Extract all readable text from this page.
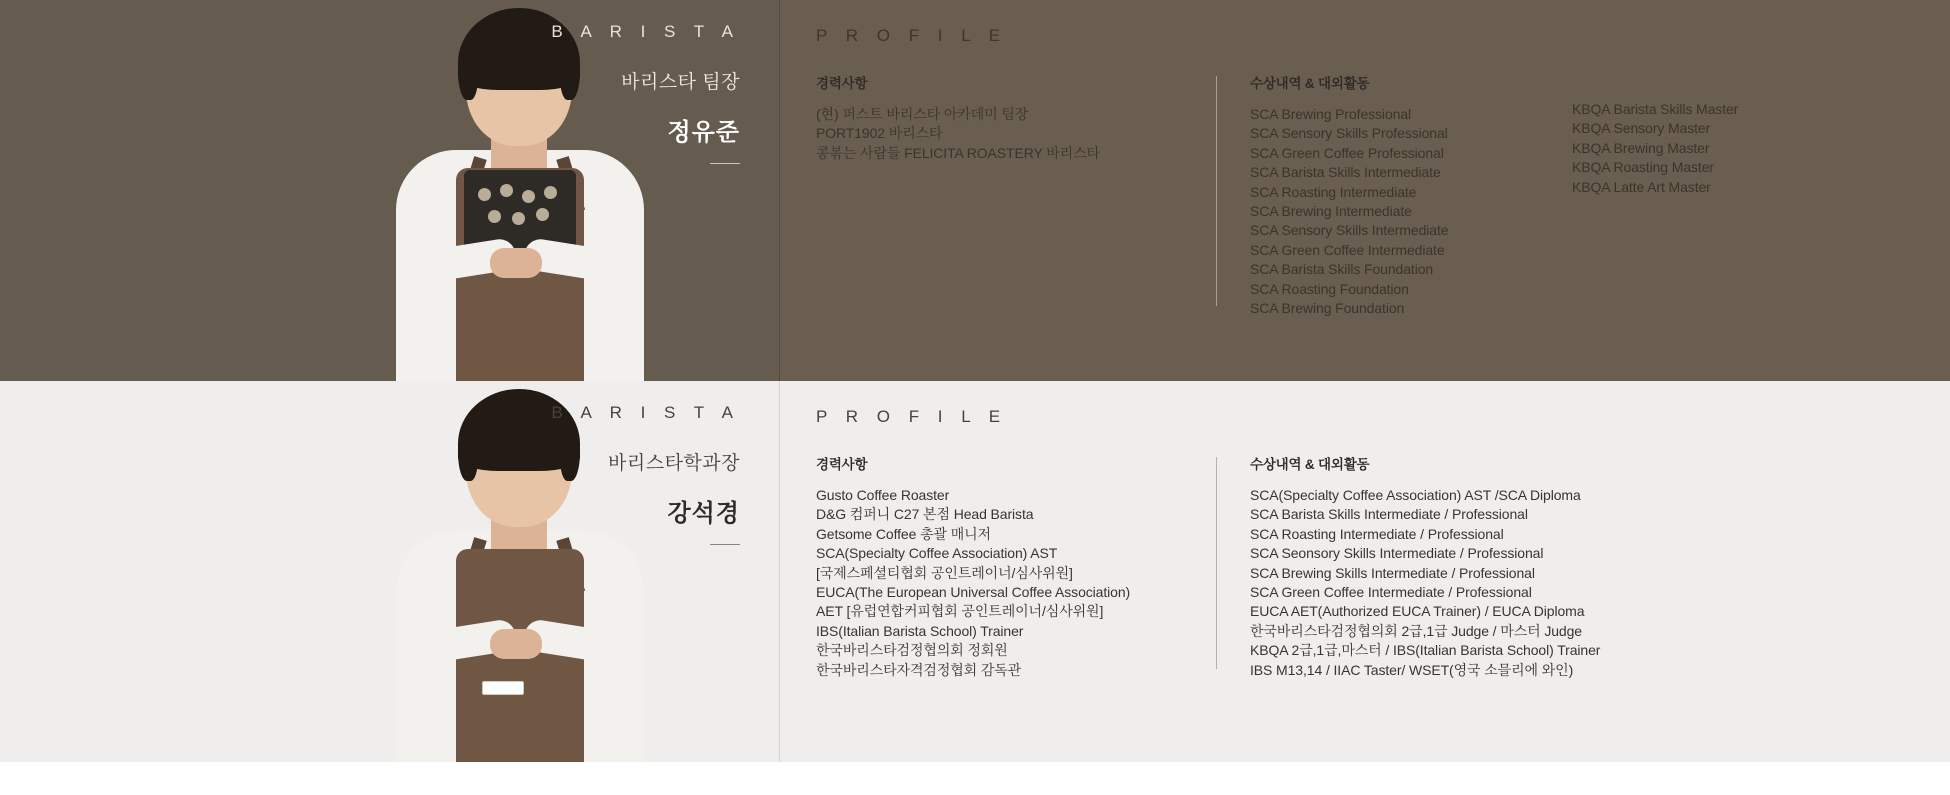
B A R I S T A
바리스타 팀장
정유준
P R O F I L E
경력사항
(현) 퍼스트 바리스타 아카데미 팀장
PORT1902 바리스타
콩볶는 사람들 FELICITA ROASTERY 바리스타
수상내역 & 대외활동
SCA Brewing Professional
SCA Sensory Skills Professional
SCA Green Coffee Professional
SCA Barista Skills Intermediate
SCA Roasting Intermediate
SCA Brewing Intermediate
SCA Sensory Skills Intermediate
SCA Green Coffee Intermediate
SCA Barista Skills Foundation
SCA Roasting Foundation
SCA Brewing Foundation
KBQA Barista Skills Master
KBQA Sensory Master
KBQA Brewing Master
KBQA Roasting Master
KBQA Latte Art Master
B A R I S T A
바리스타학과장
강석경
P R O F I L E
경력사항
Gusto Coffee Roaster
D&G 컴퍼니 C27 본점 Head Barista
Getsome Coffee 총괄 매니저
SCA(Specialty Coffee Association) AST
[국제스페셜티협회 공인트레이너/심사위원]
EUCA(The European Universal Coffee Association)
AET [유럽연합커피협회 공인트레이너/심사위원]
IBS(Italian Barista School) Trainer
한국바리스타검정협의회 정회원
한국바리스타자격검정협회 감독관
수상내역 & 대외활동
SCA(Specialty Coffee Association) AST /SCA Diploma
SCA Barista Skills Intermediate / Professional
SCA Roasting Intermediate / Professional
SCA Seonsory Skills Intermediate / Professional
SCA Brewing Skills Intermediate / Professional
SCA Green Coffee Intermediate / Professional
EUCA AET(Authorized EUCA Trainer) / EUCA Diploma
한국바리스타검정협의회 2급,1급 Judge / 마스터 Judge
KBQA 2급,1급,마스터 / IBS(Italian Barista School) Trainer
IBS M13,14 / IIAC Taster/ WSET(영국 소믈리에 와인)
